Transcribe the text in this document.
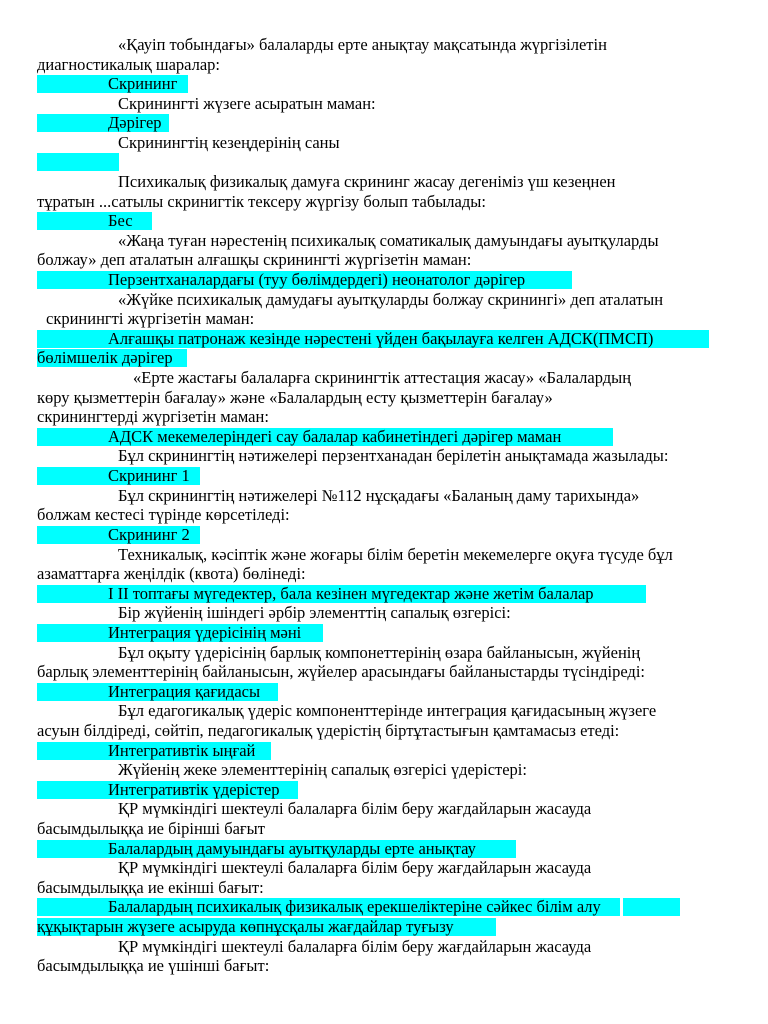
«Қауіп тобындағы» балаларды ерте анықтау мақсатында жүргізілетін
диагностикалық шаралар:
Скрининг
Скринингті жүзеге асыратын маман:
Дәрігер
Скринингтің кезеңдерінің саны
Психикалық физикалық дамуға скрининг жасау дегеніміз үш кезеңнен
тұратын ...сатылы скринигтік тексеру жүргізу болып табылады:
Бес
«Жаңа туған нәрестенің психикалық соматикалық дамуындағы ауытқуларды
болжау» деп аталатын алғашқы скринингті жүргізетін маман:
Перзентханалардағы (туу бөлімдердегі) неонатолог дәрігер
«Жүйке психикалық дамудағы ауытқуларды болжау скринингі» деп аталатын
скринингті жүргізетін маман:
Алғашқы патронаж кезінде нәрестені үйден бақылауға келген АДСК(ПМСП)
бөлімшелік дәрігер
«Ерте жастағы балаларға скринингтік аттестация жасау» «Балалардың
көру қызметтерін бағалау» және «Балалардың есту қызметтерін бағалау»
скринингтерді жүргізетін маман:
АДСК мекемелеріндегі сау балалар кабинетіндегі дәрігер маман
Бұл скринингтің нәтижелері перзентханадан берілетін анықтамада жазылады:
Скрининг 1
Бұл скринингтің нәтижелері №112 нұсқадағы «Баланың даму тарихында»
болжам кестесі түрінде көрсетіледі:
Скрининг 2
Техникалық, кәсіптік және жоғары білім беретін мекемелерге оқуға түсуде бұл
азаматтарға жеңілдік (квота) бөлінеді:
I II топтағы мүгедектер, бала кезінен мүгедектар және жетім балалар
Бір жүйенің ішіндегі әрбір элементтің сапалық өзгерісі:
Интеграция үдерісінің мәні
Бұл оқыту үдерісінің барлық компонеттерінің өзара байланысын, жүйенің
барлық элементтерінің байланысын, жүйелер арасындағы байланыстарды түсіндіреді:
Интеграция қағидасы
Бұл едагогикалық үдеріс компоненттерінде интеграция қағидасының жүзеге
асуын білдіреді, сөйтіп, педагогикалық үдерістің біртұтастығын қамтамасыз етеді:
Интегративтік ыңғай
Жүйенің жеке элементтерінің сапалық өзгерісі үдерістері:
Интегративтік үдерістер
ҚР мүмкіндігі шектеулі балаларға білім беру жағдайларын жасауда
басымдылыққа ие бірінші бағыт
Балалардың дамуындағы ауытқуларды ерте анықтау
ҚР мүмкіндігі шектеулі балаларға білім беру жағдайларын жасауда
басымдылыққа ие екінші бағыт:
Балалардың психикалық физикалық ерекшеліктеріне сәйкес білім алу
құқықтарын жүзеге асыруда көпнұсқалы жағдайлар туғызу
ҚР мүмкіндігі шектеулі балаларға білім беру жағдайларын жасауда
басымдылыққа ие үшінші бағыт:
